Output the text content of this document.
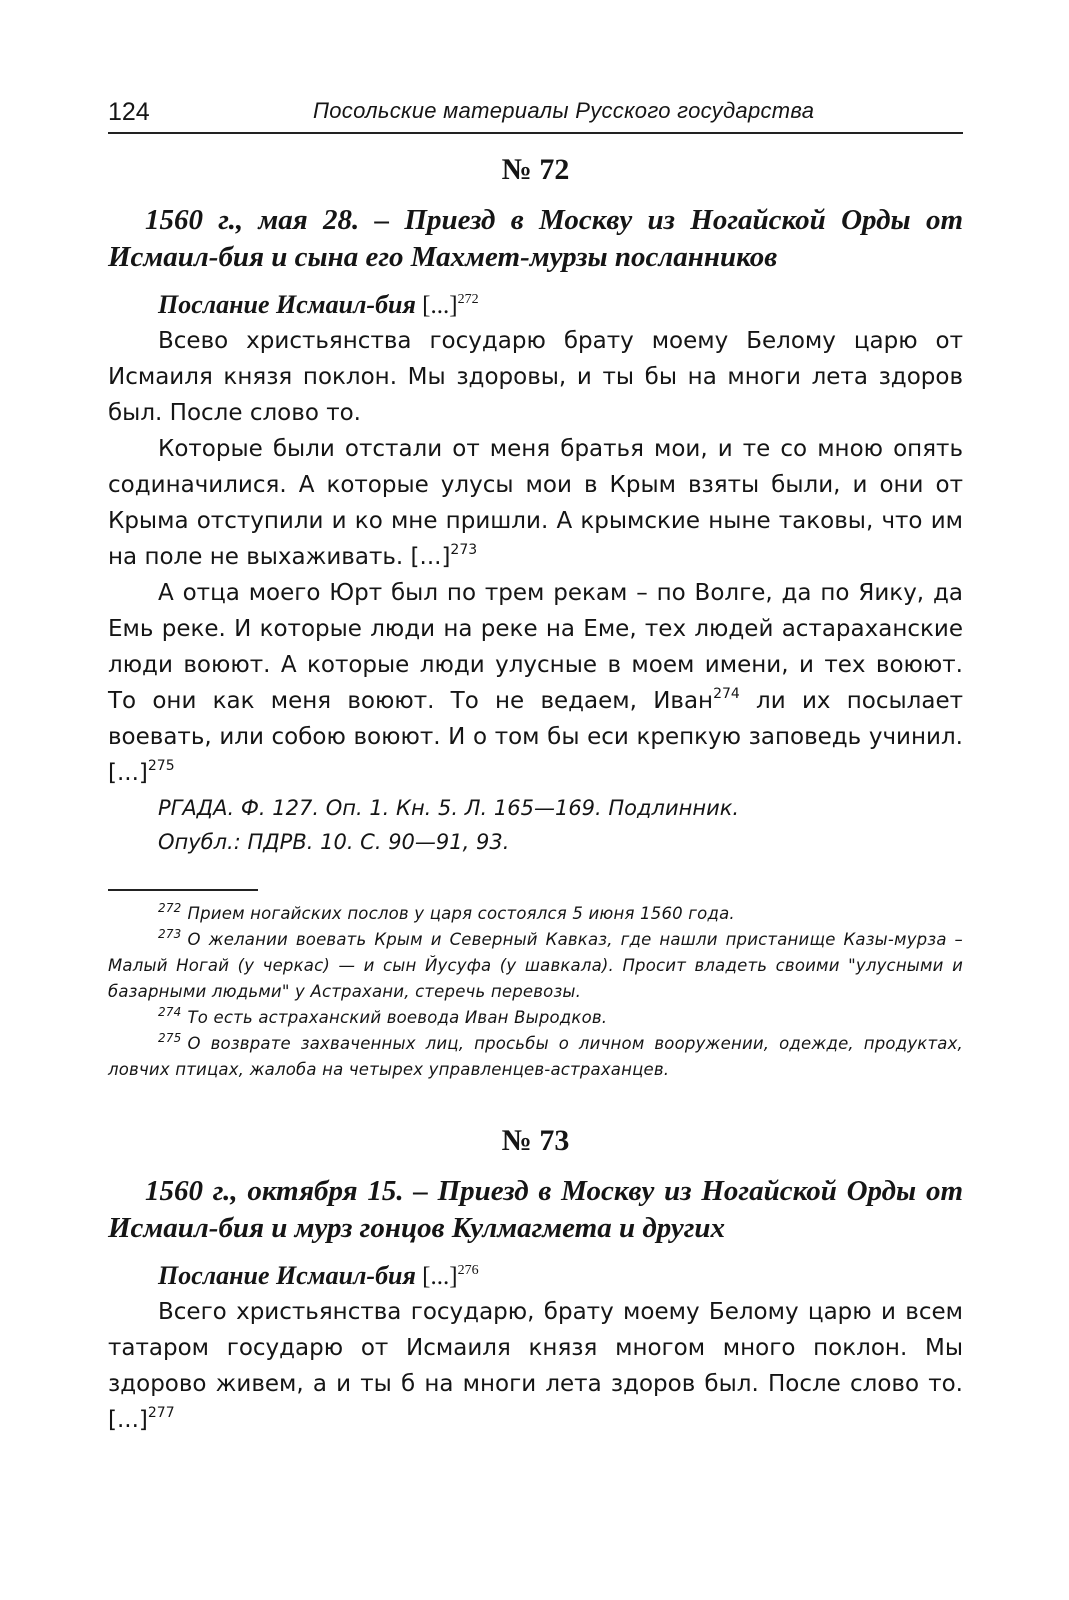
124	Посольские материалы Русского государства
№ 72
1560 г., мая 28. – Приезд в Москву из Ногайской Орды от Исмаил-бия и сына его Махмет-мурзы посланников
Послание Исмаил-бия [...]$^{272}$

Всево христьянства государю брату моему Белому царю от Исмаиля князя поклон. Мы здоровы, и ты бы на многи лета здоров был. После слово то.

Которые были отстали от меня братья мои, и те со мною опять содиначилися. А которые улусы мои в Крым взяты были, и они от Крыма отступили и ко мне пришли. А крымские ныне таковы, что им на поле не выхаживать. [...]$^{273}$

А отца моего Юрт был по трем рекам – по Волге, да по Яику, да Емь реке. И которые люди на реке на Еме, тех людей астараханские люди воюют. А которые люди улусные в моем имени, и тех воюют. То они как меня воюют. То не ведаем, Иван$^{274}$ ли их посылает воевать, или собою воюют. И о том бы еси крепкую заповедь учинил. [...]$^{275}$

РГАДА. Ф. 127. Оп. 1. Кн. 5. Л. 165—169. Подлинник.
Опубл.: ПДРВ. 10. С. 90—91, 93.
$^{272}$ Прием ногайских послов у царя состоялся 5 июня 1560 года.
$^{273}$ О желании воевать Крым и Северный Кавказ, где нашли пристанище Казы-мурза – Малый Ногай (у черкас) — и сын Йусуфа (у шавкала). Просит владеть своими "улусными и базарными людьми" у Астрахани, стеречь перевозы.
$^{274}$ То есть астраханский воевода Иван Выродков.
$^{275}$ О возврате захваченных лиц, просьбы о личном вооружении, одежде, продуктах, ловчих птицах, жалоба на четырех управленцев-астраханцев.
№ 73
1560 г., октября 15. – Приезд в Москву из Ногайской Орды от Исмаил-бия и мурз гонцов Кулмагмета и других
Послание Исмаил-бия [...]$^{276}$

Всего христьянства государю, брату моему Белому царю и всем татаром государю от Исмаиля князя многом много поклон. Мы здорово живем, а и ты б на многи лета здоров был. После слово то. [...]$^{277}$
